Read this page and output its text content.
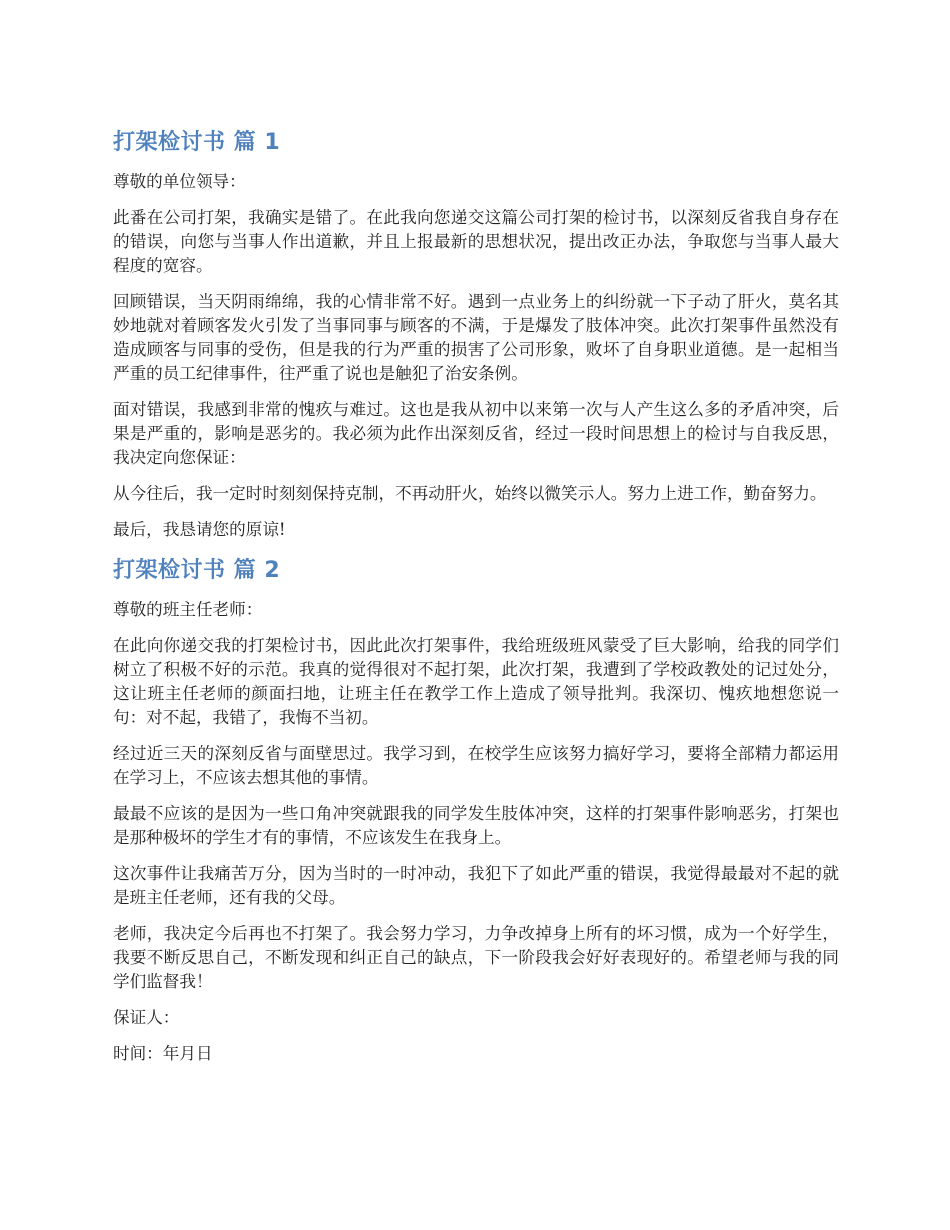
打架检讨书 篇 1

尊敬的单位领导：

此番在公司打架，我确实是错了。在此我向您递交这篇公司打架的检讨书，以深刻反省我自身存在的错误，向您与当事人作出道歉，并且上报最新的思想状况，提出改正办法，争取您与当事人最大程度的宽容。

回顾错误，当天阴雨绵绵，我的心情非常不好。遇到一点业务上的纠纷就一下子动了肝火，莫名其妙地就对着顾客发火引发了当事同事与顾客的不满，于是爆发了肢体冲突。此次打架事件虽然没有造成顾客与同事的受伤，但是我的行为严重的损害了公司形象，败坏了自身职业道德。是一起相当严重的员工纪律事件，往严重了说也是触犯了治安条例。

面对错误，我感到非常的愧疚与难过。这也是我从初中以来第一次与人产生这么多的矛盾冲突，后果是严重的，影响是恶劣的。我必须为此作出深刻反省，经过一段时间思想上的检讨与自我反思，我决定向您保证：

从今往后，我一定时时刻刻保持克制，不再动肝火，始终以微笑示人。努力上进工作，勤奋努力。

最后，我恳请您的原谅!

打架检讨书 篇 2

尊敬的班主任老师：

在此向你递交我的打架检讨书，因此此次打架事件，我给班级班风蒙受了巨大影响，给我的同学们树立了积极不好的示范。我真的觉得很对不起打架，此次打架，我遭到了学校政教处的记过处分，这让班主任老师的颜面扫地，让班主任在教学工作上造成了领导批判。我深切、愧疚地想您说一句：对不起，我错了，我悔不当初。

经过近三天的深刻反省与面壁思过。我学习到，在校学生应该努力搞好学习，要将全部精力都运用在学习上，不应该去想其他的事情。

最最不应该的是因为一些口角冲突就跟我的同学发生肢体冲突，这样的打架事件影响恶劣，打架也是那种极坏的学生才有的事情，不应该发生在我身上。

这次事件让我痛苦万分，因为当时的一时冲动，我犯下了如此严重的错误，我觉得最最对不起的就是班主任老师，还有我的父母。

老师，我决定今后再也不打架了。我会努力学习，力争改掉身上所有的坏习惯，成为一个好学生，我要不断反思自己，不断发现和纠正自己的缺点，下一阶段我会好好表现好的。希望老师与我的同学们监督我！

保证人：

时间：年月日
